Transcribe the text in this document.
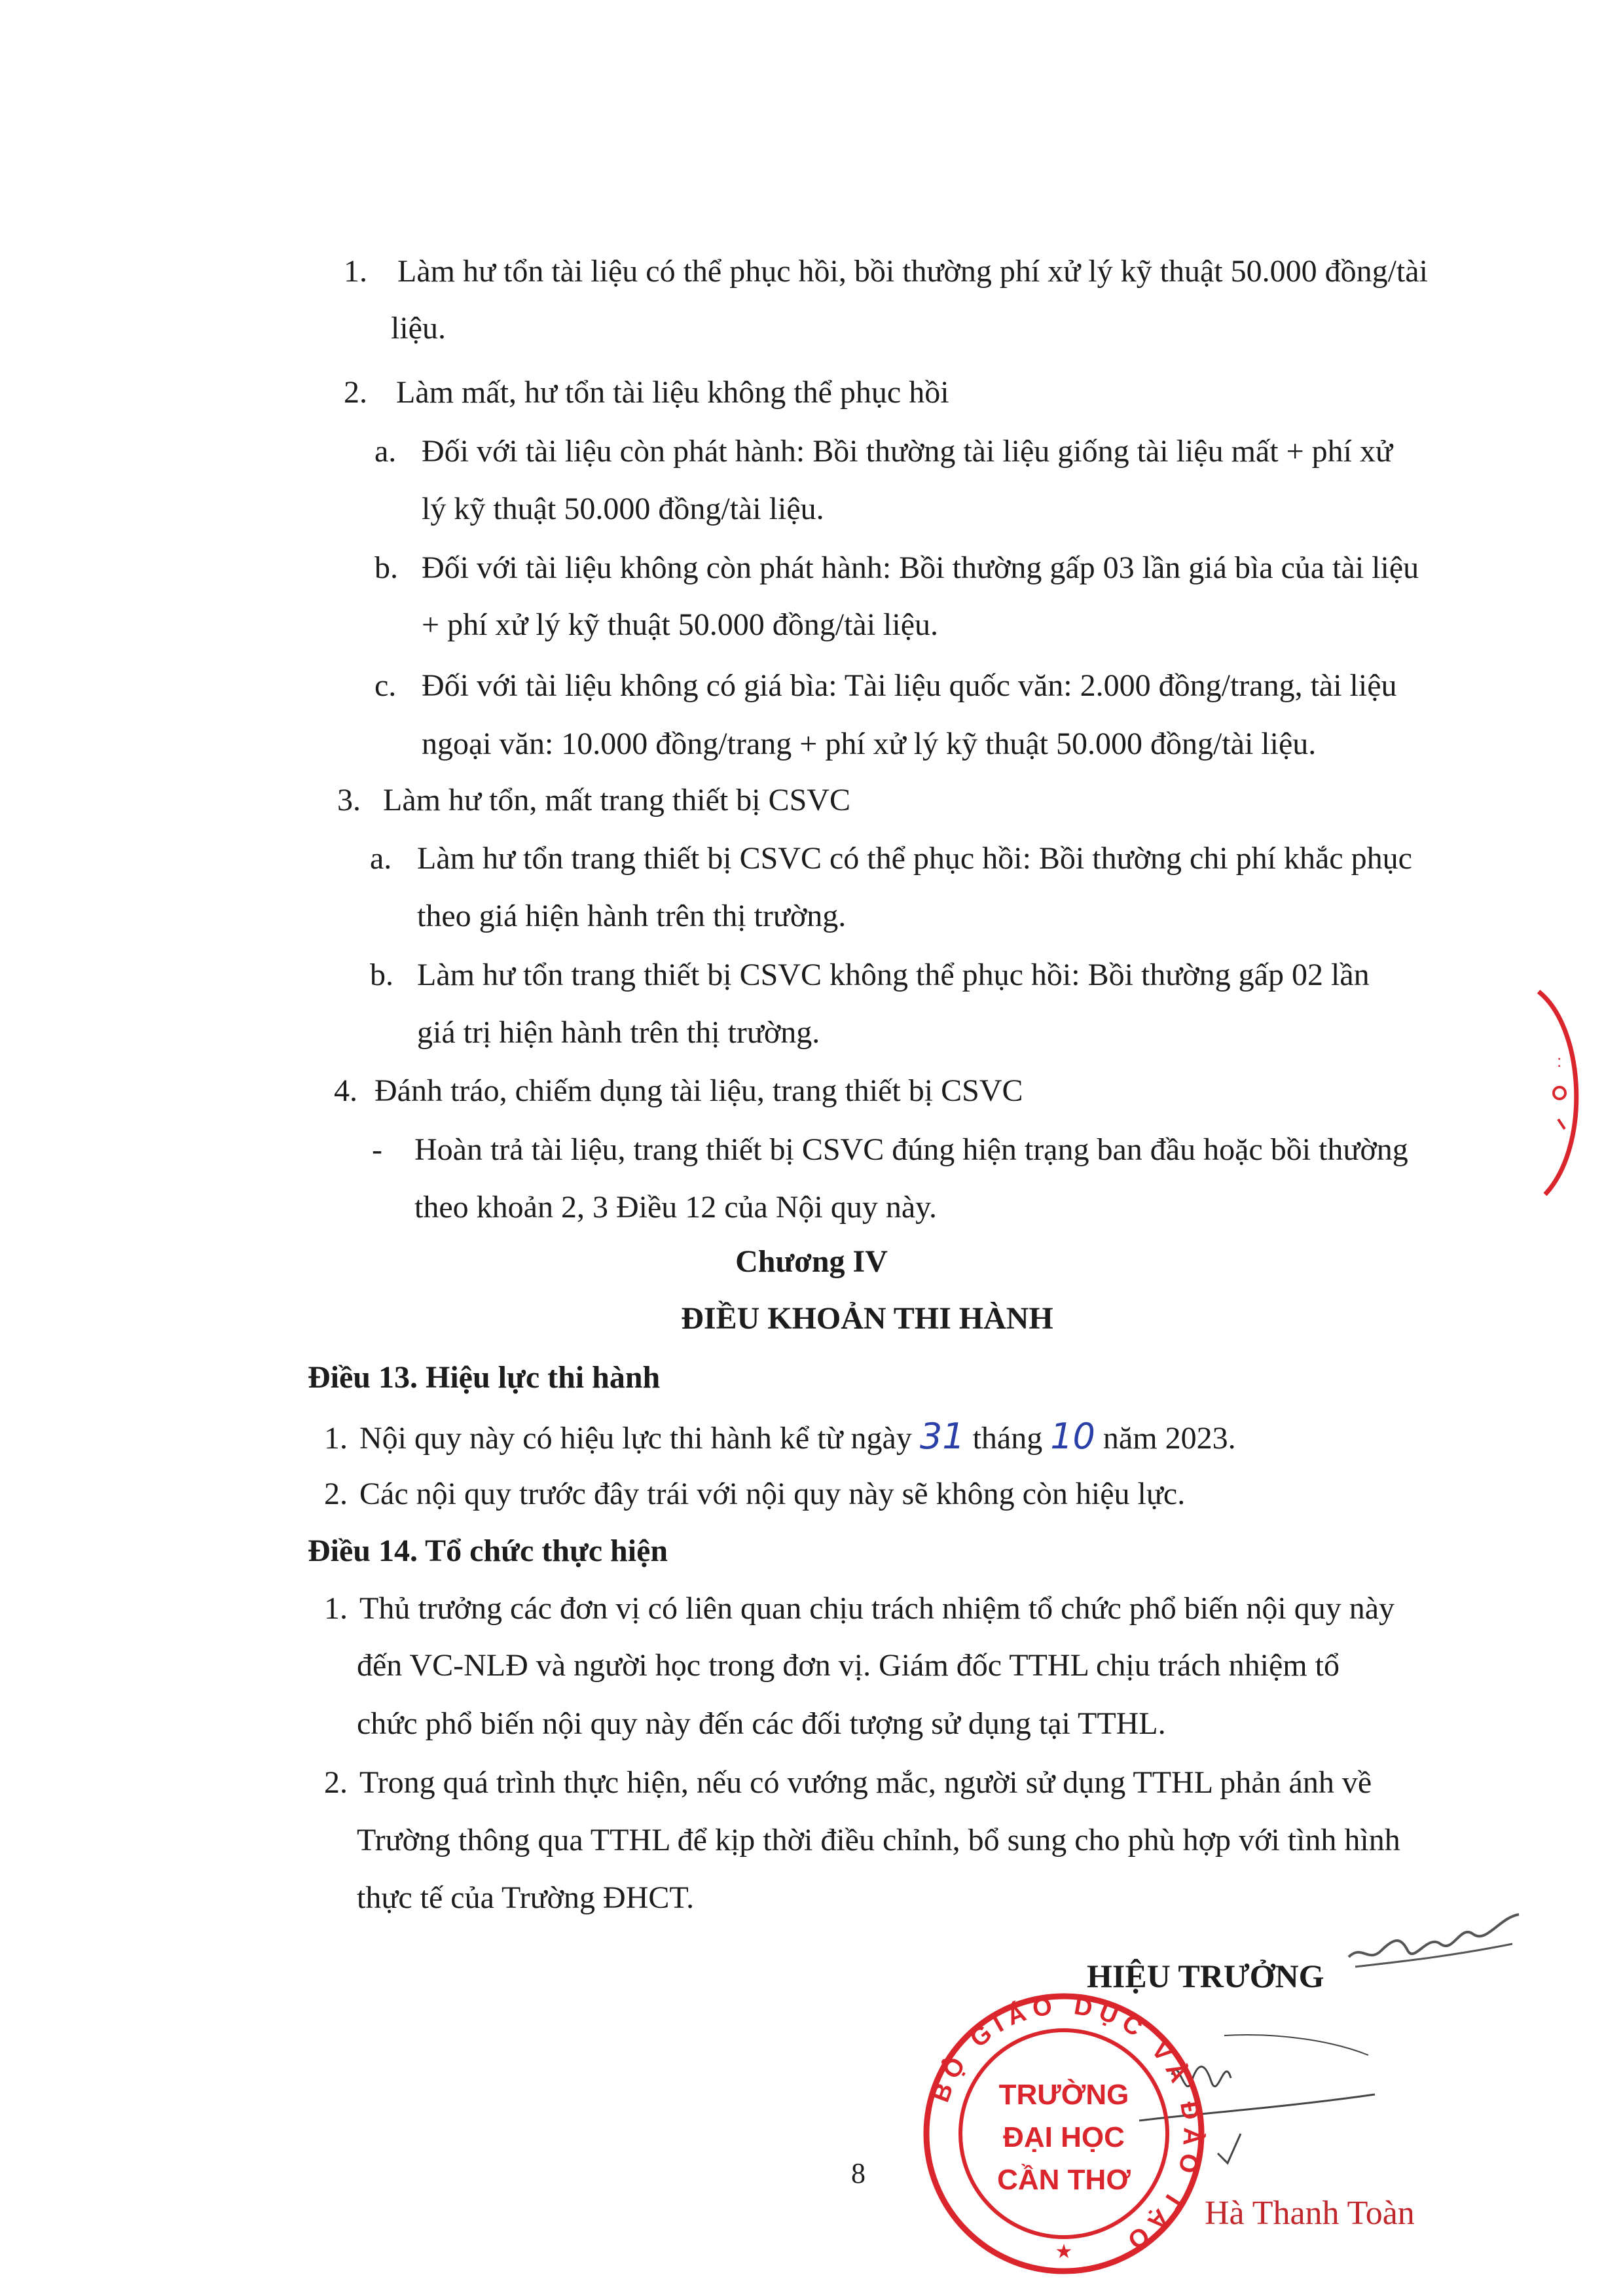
1. Làm hư tổn tài liệu có thể phục hồi, bồi thường phí xử lý kỹ thuật 50.000 đồng/tài
liệu.
2. Làm mất, hư tổn tài liệu không thể phục hồi
a. Đối với tài liệu còn phát hành: Bồi thường tài liệu giống tài liệu mất + phí xử
lý kỹ thuật 50.000 đồng/tài liệu.
b. Đối với tài liệu không còn phát hành: Bồi thường gấp 03 lần giá bìa của tài liệu
+ phí xử lý kỹ thuật 50.000 đồng/tài liệu.
c. Đối với tài liệu không có giá bìa: Tài liệu quốc văn: 2.000 đồng/trang, tài liệu
ngoại văn: 10.000 đồng/trang + phí xử lý kỹ thuật 50.000 đồng/tài liệu.
3. Làm hư tổn, mất trang thiết bị CSVC
a. Làm hư tổn trang thiết bị CSVC có thể phục hồi: Bồi thường chi phí khắc phục
theo giá hiện hành trên thị trường.
b. Làm hư tổn trang thiết bị CSVC không thể phục hồi: Bồi thường gấp 02 lần
giá trị hiện hành trên thị trường.
4. Đánh tráo, chiếm dụng tài liệu, trang thiết bị CSVC
- Hoàn trả tài liệu, trang thiết bị CSVC đúng hiện trạng ban đầu hoặc bồi thường
theo khoản 2, 3 Điều 12 của Nội quy này.
Chương IV
ĐIỀU KHOẢN THI HÀNH
Điều 13. Hiệu lực thi hành
1. Nội quy này có hiệu lực thi hành kể từ ngày 31 tháng 10 năm 2023.
2. Các nội quy trước đây trái với nội quy này sẽ không còn hiệu lực.
Điều 14. Tổ chức thực hiện
1. Thủ trưởng các đơn vị có liên quan chịu trách nhiệm tổ chức phổ biến nội quy này
đến VC-NLĐ và người học trong đơn vị. Giám đốc TTHL chịu trách nhiệm tổ
chức phổ biến nội quy này đến các đối tượng sử dụng tại TTHL.
2. Trong quá trình thực hiện, nếu có vướng mắc, người sử dụng TTHL phản ánh về
Trường thông qua TTHL để kịp thời điều chỉnh, bổ sung cho phù hợp với tình hình
thực tế của Trường ĐHCT.
HIỆU TRƯỞNG
BỘ GIÁO DỤC VÀ ĐÀO TẠO
TRƯỜNG
ĐẠI HỌC
CẦN THƠ
★
8
Hà Thanh Toàn
:
